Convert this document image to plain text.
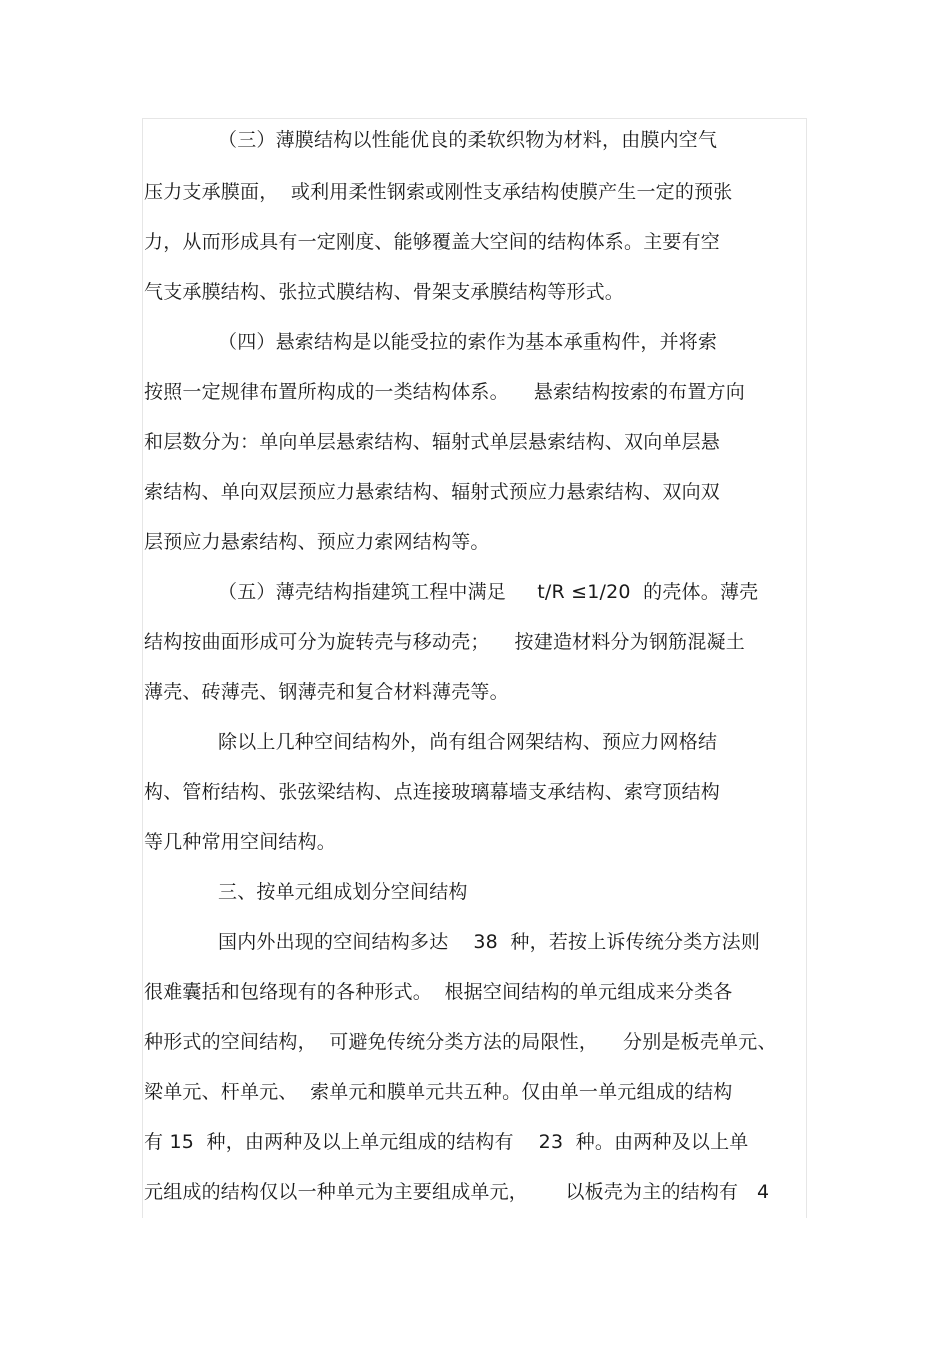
（三）薄膜结构以性能优良的柔软织物为材料，由膜内空气
压力支承膜面，  或利用柔性钢索或刚性支承结构使膜产生一定的预张
力，从而形成具有一定刚度、能够覆盖大空间的结构体系。主要有空
气支承膜结构、张拉式膜结构、骨架支承膜结构等形式。
（四）悬索结构是以能受拉的索作为基本承重构件，并将索
按照一定规律布置所构成的一类结构体系。    悬索结构按索的布置方向
和层数分为：单向单层悬索结构、辐射式单层悬索结构、双向单层悬
索结构、单向双层预应力悬索结构、辐射式预应力悬索结构、双向双
层预应力悬索结构、预应力索网结构等。
（五）薄壳结构指建筑工程中满足     t/R ≤1/20  的壳体。薄壳
结构按曲面形成可分为旋转壳与移动壳；    按建造材料分为钢筋混凝土
薄壳、砖薄壳、钢薄壳和复合材料薄壳等。
除以上几种空间结构外，尚有组合网架结构、预应力网格结
构、管桁结构、张弦梁结构、点连接玻璃幕墙支承结构、索穹顶结构
等几种常用空间结构。
三、按单元组成划分空间结构
国内外出现的空间结构多达    38  种，若按上诉传统分类方法则
很难囊括和包络现有的各种形式。  根据空间结构的单元组成来分类各
种形式的空间结构，  可避免传统分类方法的局限性，    分别是板壳单元、
梁单元、杆单元、  索单元和膜单元共五种。仅由单一单元组成的结构
有 15  种，由两种及以上单元组成的结构有    23  种。由两种及以上单
元组成的结构仅以一种单元为主要组成单元，      以板壳为主的结构有   4
